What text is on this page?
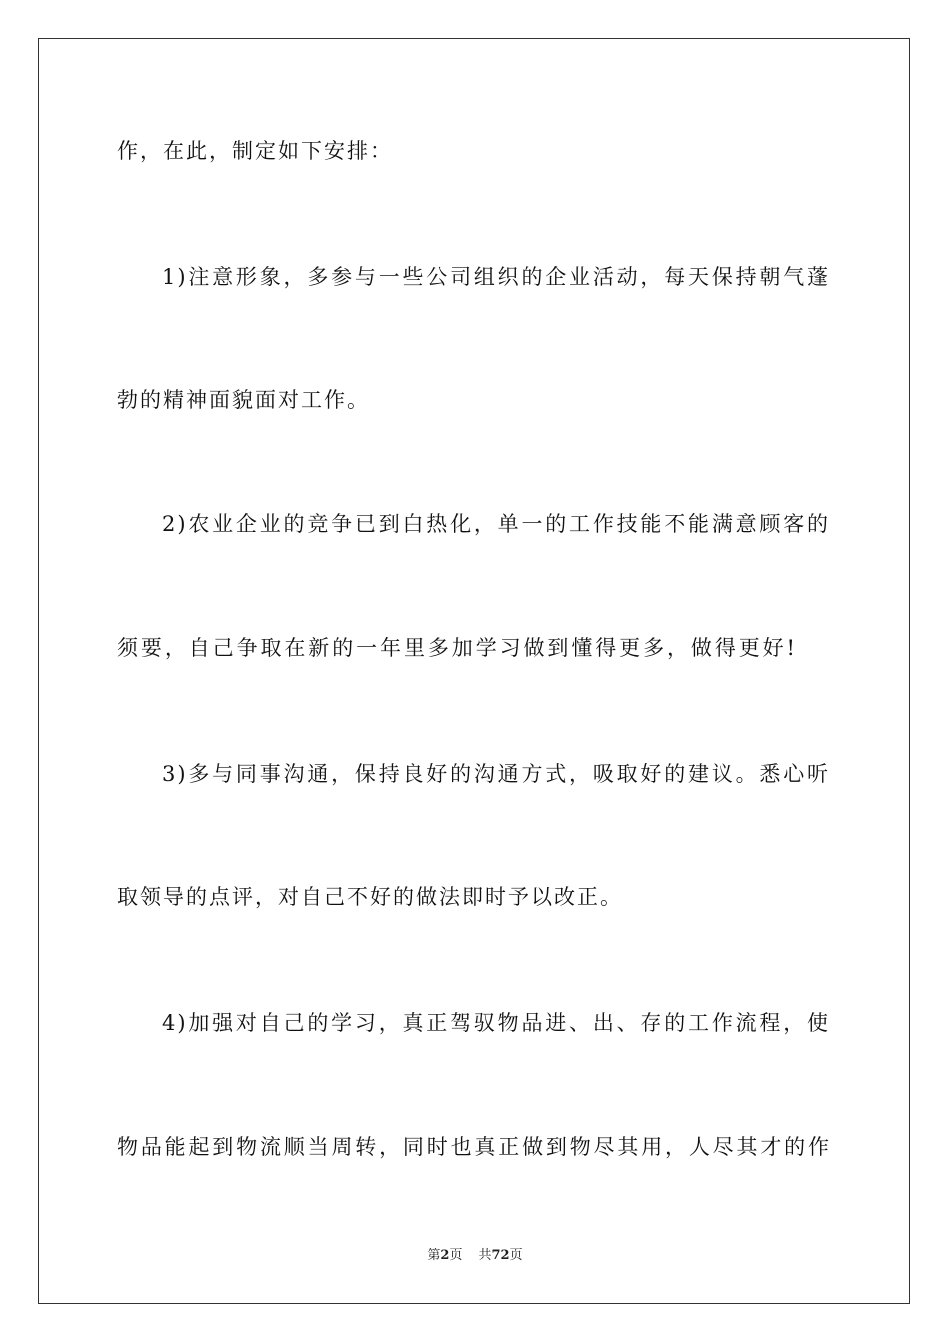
作，在此，制定如下安排：
1)注意形象，多参与一些公司组织的企业活动，每天保持朝气蓬
勃的精神面貌面对工作。
2)农业企业的竞争已到白热化，单一的工作技能不能满意顾客的
须要，自己争取在新的一年里多加学习做到懂得更多，做得更好!
3)多与同事沟通，保持良好的沟通方式，吸取好的建议。悉心听
取领导的点评，对自己不好的做法即时予以改正。
4)加强对自己的学习，真正驾驭物品进、出、存的工作流程，使
物品能起到物流顺当周转，同时也真正做到物尽其用，人尽其才的作
第2页 共72页
